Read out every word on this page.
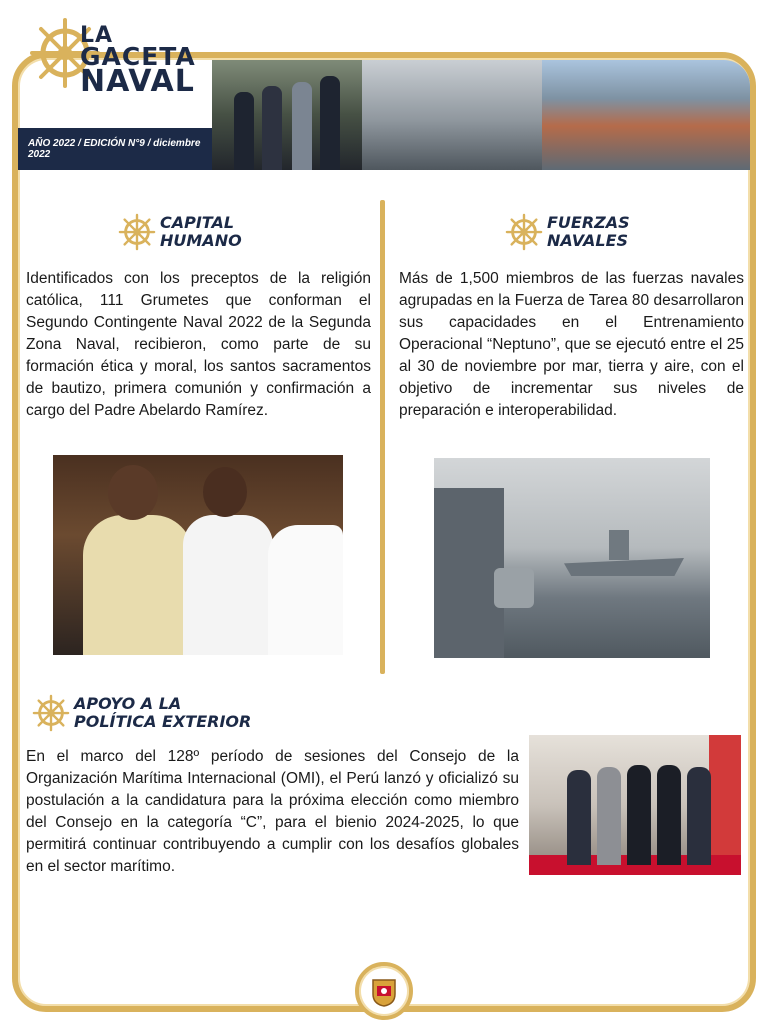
LA
GACETA
NAVAL
AÑO 2022 / EDICIÓN N°9 / diciembre 2022
CAPITAL
HUMANO

Identificados con los preceptos de la religión católica, 111 Grumetes que conforman el Segundo Contingente Naval 2022 de la Segunda Zona Naval, recibieron, como parte de su formación ética y moral, los santos sacramentos de bautizo, primera comunión y confirmación a cargo del Padre Abelardo Ramírez.

FUERZAS
NAVALES

Más de 1,500 miembros de las fuerzas navales agrupadas en la Fuerza de Tarea 80 desarrollaron sus capacidades en el Entrenamiento Operacional “Neptuno”, que se ejecutó entre el 25 al 30 de noviembre por mar, tierra y aire, con el objetivo de incrementar sus niveles de preparación e interoperabilidad.

APOYO A LA
POLÍTICA EXTERIOR

En el marco del 128º período de sesiones del Consejo de la Organización Marítima Internacional (OMI), el Perú lanzó y oficializó su postulación a la candidatura para la próxima elección como miembro del Consejo en la categoría “C”, para el bienio 2024-2025, lo que permitirá continuar contribuyendo a cumplir con los desafíos globales en el sector marítimo.
